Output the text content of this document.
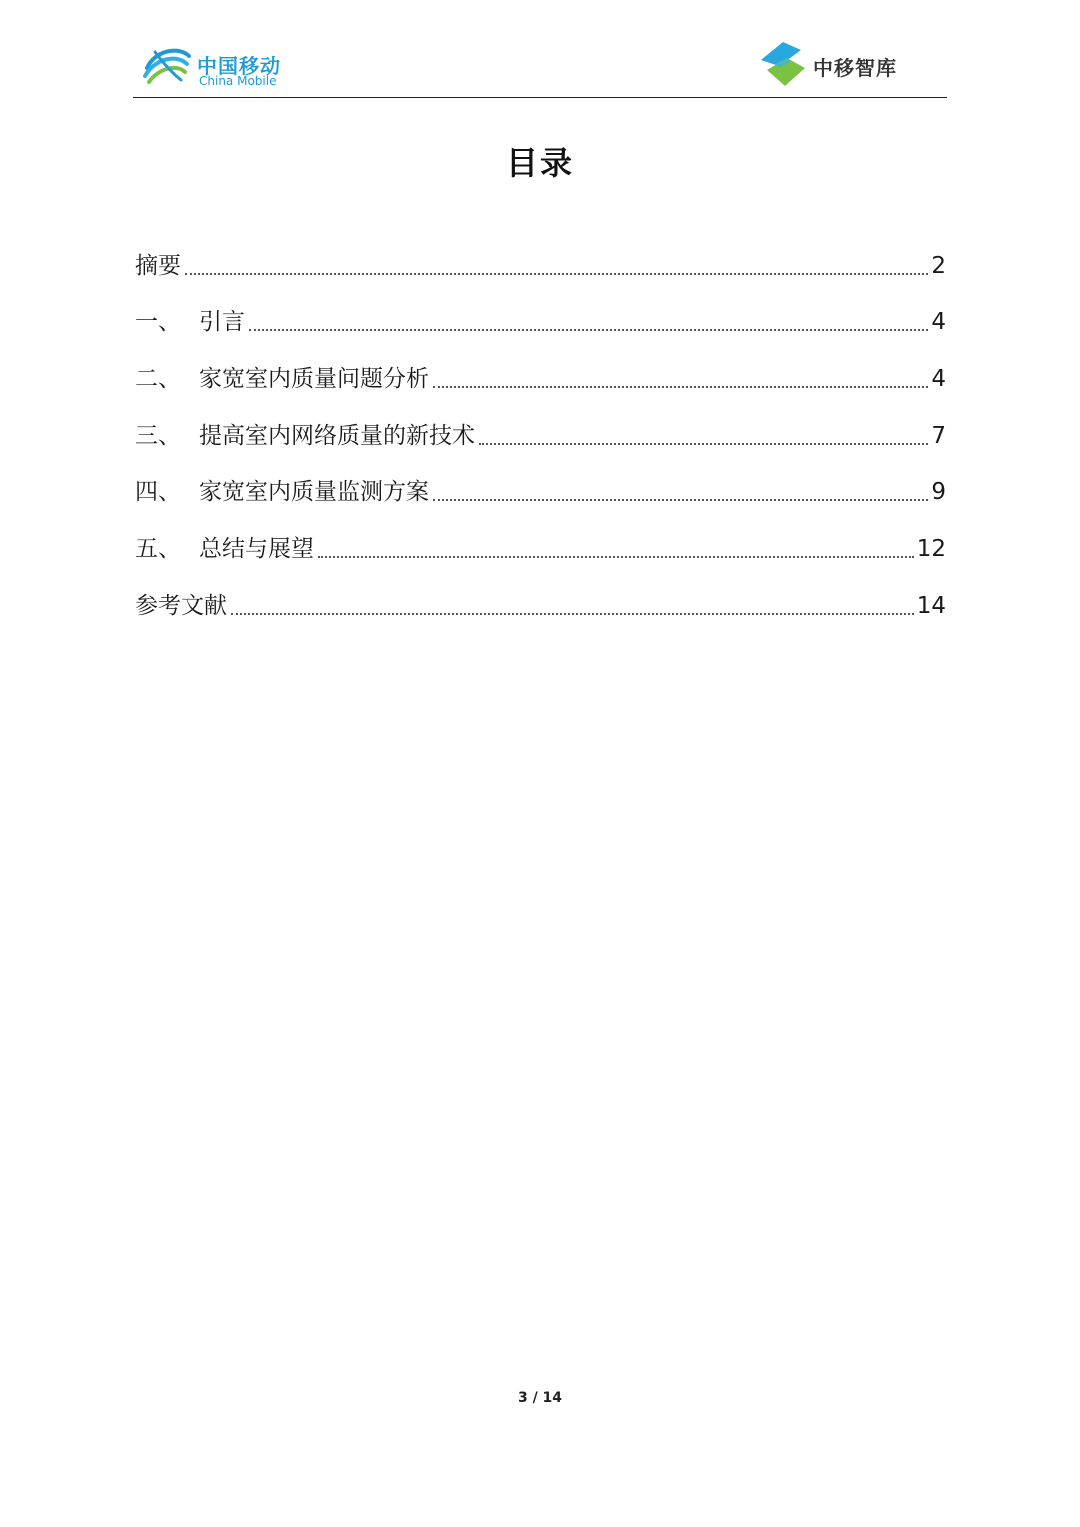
中国移动
China Mobile
中移智库
目录
摘要	2
一、 引言	4
二、 家宽室内质量问题分析	4
三、 提高室内网络质量的新技术	7
四、 家宽室内质量监测方案	9
五、 总结与展望	12
参考文献	14
3 / 14
